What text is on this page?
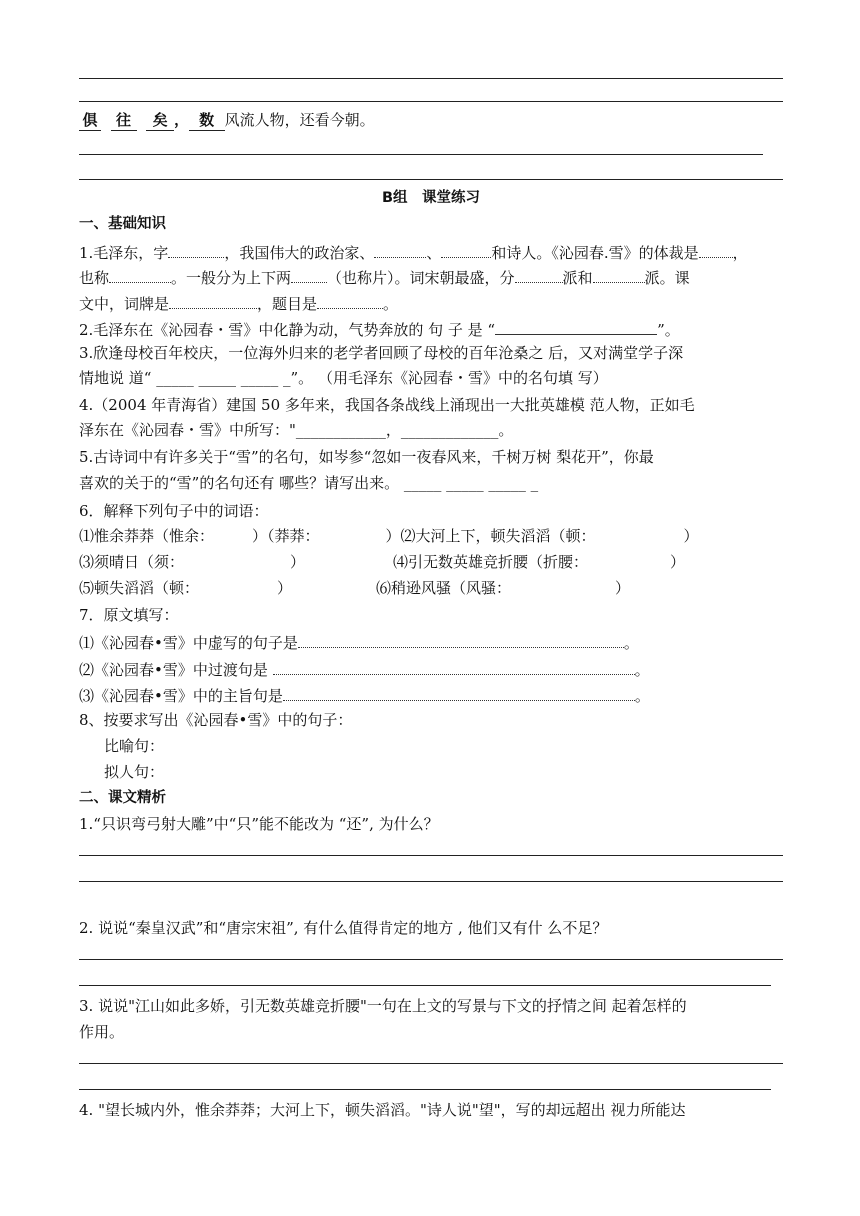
俱 往 矣 ， 数 风流人物，还看今朝。
B组　课堂练习
一、基础知识
1.毛泽东，字	，我国伟大的政治家、	、	和诗人。《沁园春.雪》的体裁是 ，
也称	。一般分为上下两 （也称片）。词宋朝最盛，分	派和	派。课
文中，词牌是	，题目是	。
2.毛泽东在《沁园春・雪》中化静为动，气势奔放的 句 子 是 “	”。
3.欣逢母校百年校庆，一位海外归来的老学者回顾了母校的百年沧桑之 后，又对满堂学子深
情地说 道“ _____ _____ _____ _”。 （用毛泽东《沁园春・雪》中的名句填 写）
4.（2004 年青海省）建国 50 多年来，我国各条战线上涌现出一大批英雄模 范人物，正如毛
泽东在《沁园春・雪》中所写："____________，_____________。
5.古诗词中有许多关于“雪”的名句，如岑参“忽如一夜春风来，千树万树 梨花开”，你最
喜欢的关于的“雪”的名句还有 哪些？请写出来。 _____ _____ _____ _
6．解释下列句子中的词语：
⑴惟余莽莽（惟余：	）（莽莽：	）⑵大河上下，顿失滔滔（顿：	）
⑶须晴日（须：	）	⑷引无数英雄竞折腰（折腰：	）
⑸顿失滔滔（顿：	）	⑹稍逊风骚（风骚：	）
7．原文填写：
⑴《沁园春•雪》中虚写的句子是	。
⑵《沁园春•雪》中过渡句是	。
⑶《沁园春•雪》中的主旨句是	。
8、按要求写出《沁园春•雪》中的句子：
比喻句：
拟人句：
二、课文精析
1.“只识弯弓射大雕”中“只”能不能改为 “还”, 为什么？
2. 说说“秦皇汉武”和“唐宗宋祖”, 有什么值得肯定的地方 , 他们又有什 么不足？
3. 说说"江山如此多娇，引无数英雄竞折腰"一句在上文的写景与下文的抒情之间 起着怎样的
作用。
4. "望长城内外，惟余莽莽；大河上下，顿失滔滔。"诗人说"望"，写的却远超出 视力所能达
